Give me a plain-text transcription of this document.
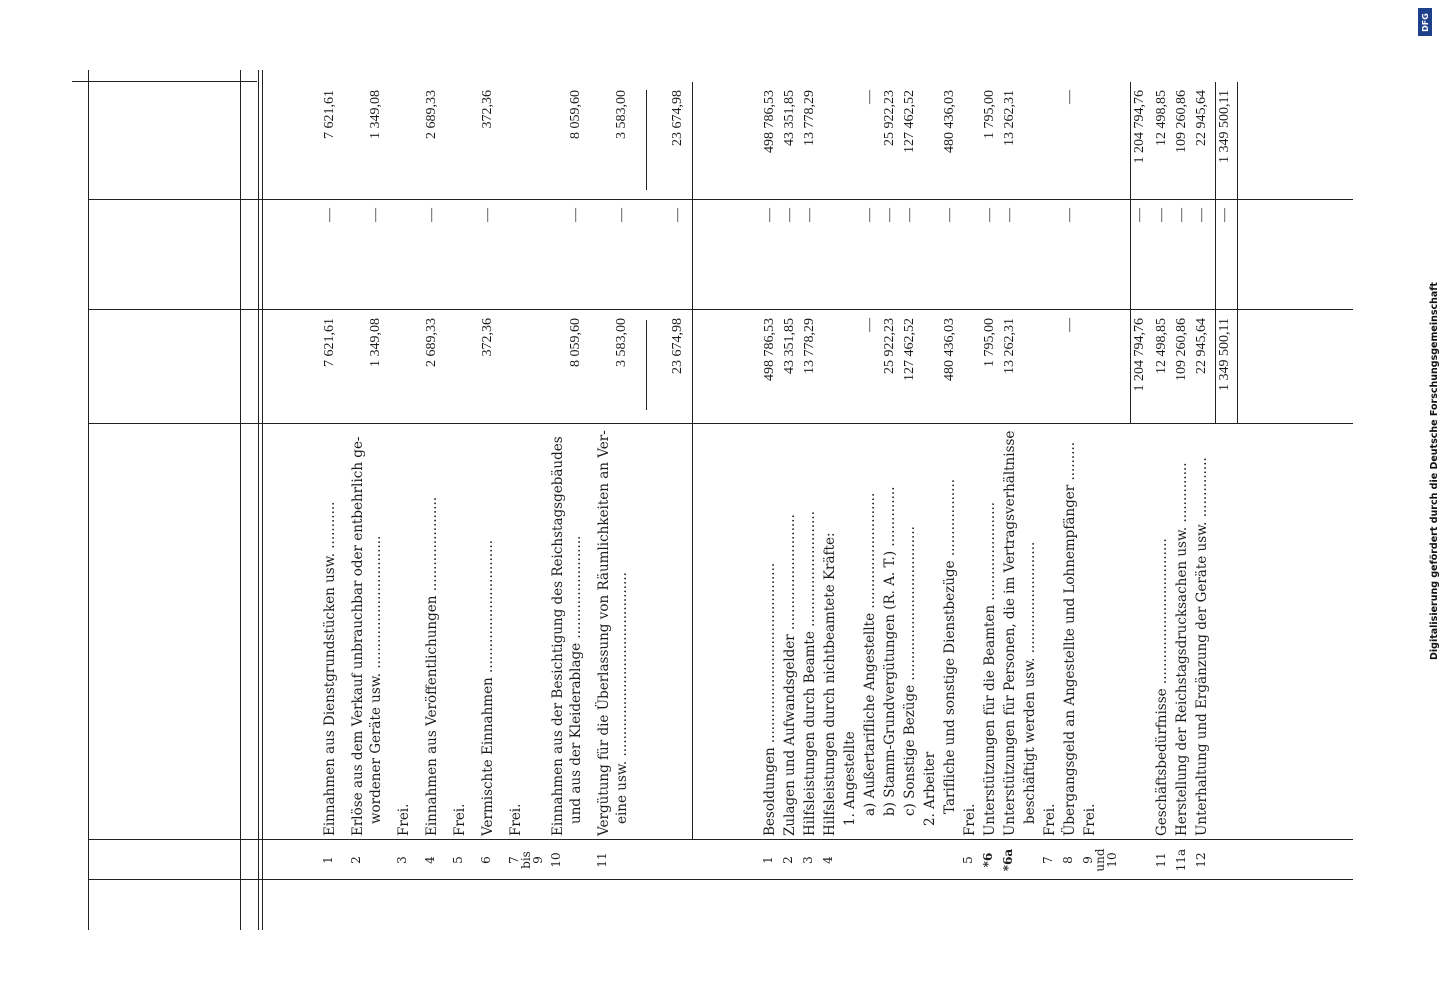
DFG
Digitalisierung gefördert durch die Deutsche Forschungsgemeinschaft
1
Einnahmen aus Dienstgrundstücken usw. ...........
7 621,61
—
7 621,61
2
Erlöse aus dem Verkauf unbrauchbar oder entbehrlich ge- wordener Geräte usw. ...............................
1 349,08
—
1 349,08
3
Frei.
4
Einnahmen aus Veröffentlichungen ......................
2 689,33
—
2 689,33
5
Frei.
6
Vermischte Einnahmen ...............................
372,36
—
372,36
7
bis
9
Frei.
10
Einnahmen aus der Besichtigung des Reichstagsgebäudes und aus der Kleiderablage ........................
8 059,60
—
8 059,60
11
Vergütung für die Überlassung von Räumlichkeiten an Ver- eine usw. ...........................................
3 583,00
—
3 583,00
23 674,98
—
23 674,98
1
Besoldungen ..........................................
498 786,53
—
498 786,53
2
Zulagen und Aufwandsgelder ...........................
43 351,85
—
43 351,85
3
Hilfsleistungen durch Beamte ...........................
13 778,29
—
13 778,29
4
Hilfsleistungen durch nichtbeamtete Kräfte: 1. Angestellte a) Außertarifliche Angestellte ...........................
—
—
—
b) Stamm-Grundvergütungen (R. A. T.) ..............
25 922,23
—
25 922,23
c) Sonstige Bezüge ....................................
127 462,52
—
127 462,52
2. Arbeiter Tarifliche und sonstige Dienstbezüge ..................
480 436,03
—
480 436,03
5
Frei.
*6
Unterstützungen für die Beamten .......................
1 795,00
—
1 795,00
*6a
Unterstützungen für Personen, die im Vertragsverhältnisse
13 262,31
—
13 262,31
beschäftigt werden usw. ..........................
7
Frei.
8
Übergangsgeld an Angestellte und Lohnempfänger .........
—
—
—
9
und
10
Frei.
1 204 794,76
—
1 204 794,76
11
Geschäftsbedürfnisse ..................................
12 498,85
—
12 498,85
11a
Herstellung der Reichstagsdrucksachen usw. ..............
109 260,86
—
109 260,86
12
Unterhaltung und Ergänzung der Geräte usw. ..............
22 945,64
—
22 945,64
1 349 500,11
—
1 349 500,11
